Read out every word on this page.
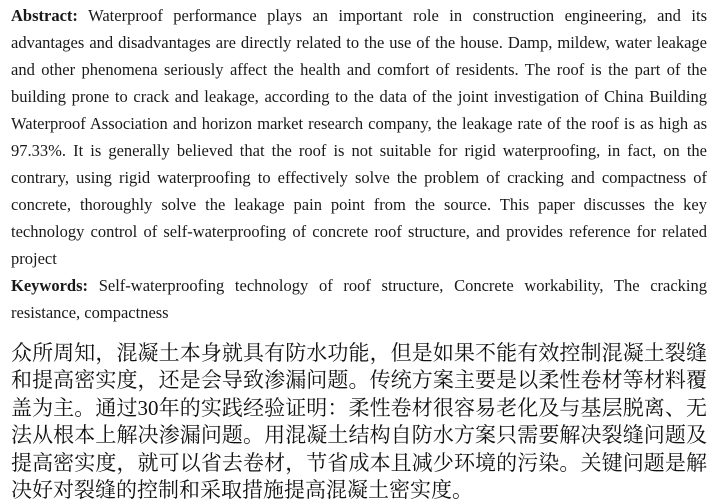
Abstract: Waterproof performance plays an important role in construction engineering, and its advantages and disadvantages are directly related to the use of the house. Damp, mildew, water leakage and other phenomena seriously affect the health and comfort of residents. The roof is the part of the building prone to crack and leakage, according to the data of the joint investigation of China Building Waterproof Association and horizon market research company, the leakage rate of the roof is as high as 97.33%. It is generally believed that the roof is not suitable for rigid waterproofing, in fact, on the contrary, using rigid waterproofing to effectively solve the problem of cracking and compactness of concrete, thoroughly solve the leakage pain point from the source. This paper discusses the key technology control of self-waterproofing of concrete roof structure, and provides reference for related project

Keywords: Self-waterproofing technology of roof structure, Concrete workability, The cracking resistance, compactness

众所周知，混凝土本身就具有防水功能，但是如果不能有效控制混凝土裂缝和提高密实度，还是会导致渗漏问题。传统方案主要是以柔性卷材等材料覆盖为主。通过30年的实践经验证明：柔性卷材很容易老化及与基层脱离、无法从根本上解决渗漏问题。用混凝土结构自防水方案只需要解决裂缝问题及提高密实度，就可以省去卷材，节省成本且减少环境的污染。关键问题是解决好对裂缝的控制和采取措施提高混凝土密实度。
